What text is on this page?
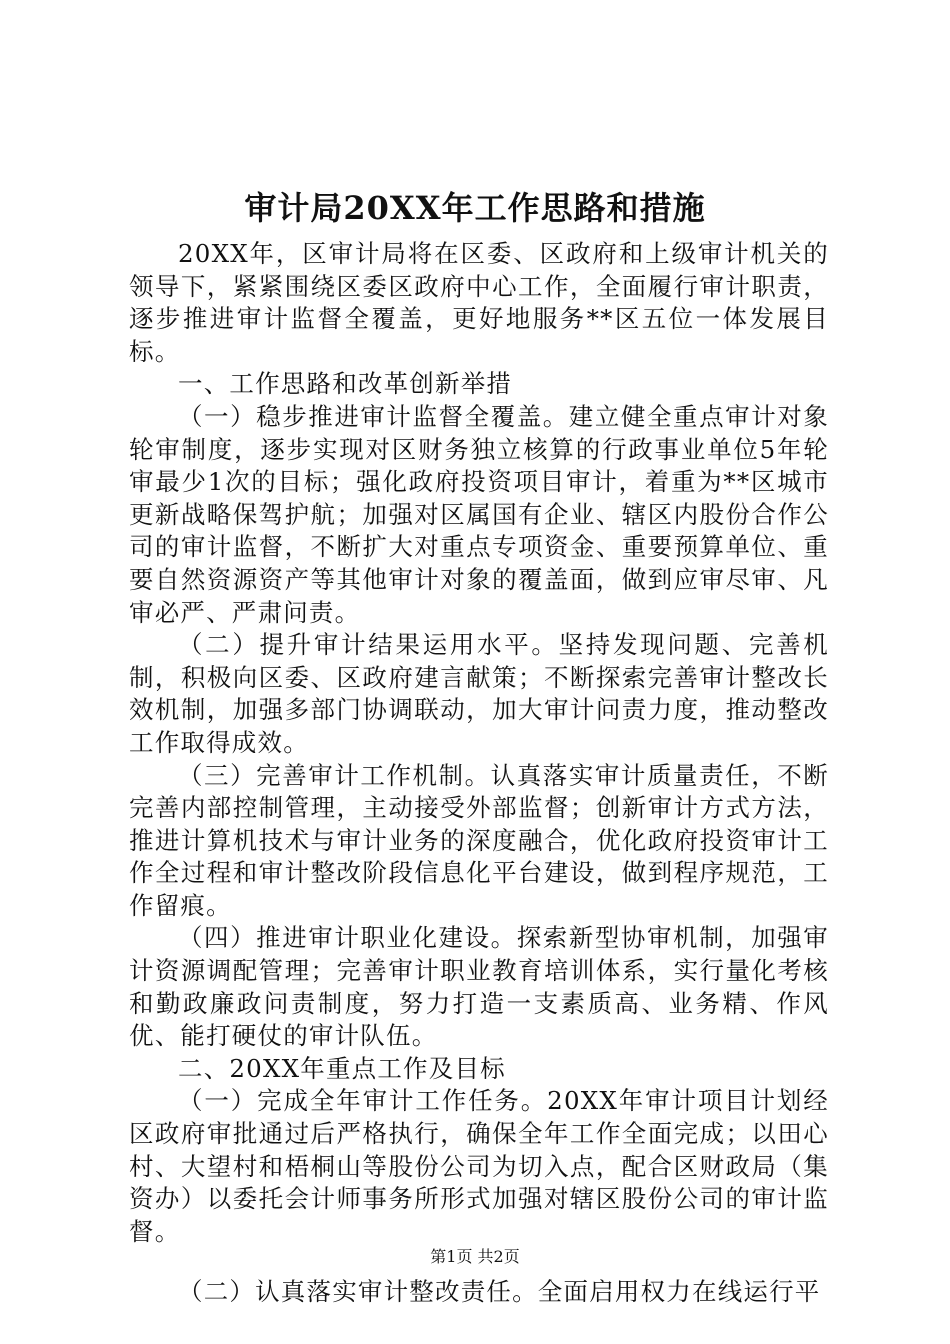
审计局20XX年工作思路和措施

20XX年，区审计局将在区委、区政府和上级审计机关的领导下，紧紧围绕区委区政府中心工作，全面履行审计职责，逐步推进审计监督全覆盖，更好地服务**区五位一体发展目标。

一、工作思路和改革创新举措

（一）稳步推进审计监督全覆盖。建立健全重点审计对象轮审制度，逐步实现对区财务独立核算的行政事业单位5年轮审最少1次的目标；强化政府投资项目审计，着重为**区城市更新战略保驾护航；加强对区属国有企业、辖区内股份合作公司的审计监督，不断扩大对重点专项资金、重要预算单位、重要自然资源资产等其他审计对象的覆盖面，做到应审尽审、凡审必严、严肃问责。

（二）提升审计结果运用水平。坚持发现问题、完善机制，积极向区委、区政府建言献策；不断探索完善审计整改长效机制，加强多部门协调联动，加大审计问责力度，推动整改工作取得成效。

（三）完善审计工作机制。认真落实审计质量责任，不断完善内部控制管理，主动接受外部监督；创新审计方式方法，推进计算机技术与审计业务的深度融合，优化政府投资审计工作全过程和审计整改阶段信息化平台建设，做到程序规范，工作留痕。

（四）推进审计职业化建设。探索新型协审机制，加强审计资源调配管理；完善审计职业教育培训体系，实行量化考核和勤政廉政问责制度，努力打造一支素质高、业务精、作风优、能打硬仗的审计队伍。

二、20XX年重点工作及目标

（一）完成全年审计工作任务。20XX年审计项目计划经区政府审批通过后严格执行，确保全年工作全面完成；以田心村、大望村和梧桐山等股份公司为切入点，配合区财政局（集资办）以委托会计师事务所形式加强对辖区股份公司的审计监督。

（二）认真落实审计整改责任。全面启用权力在线运行平

第1页 共2页
